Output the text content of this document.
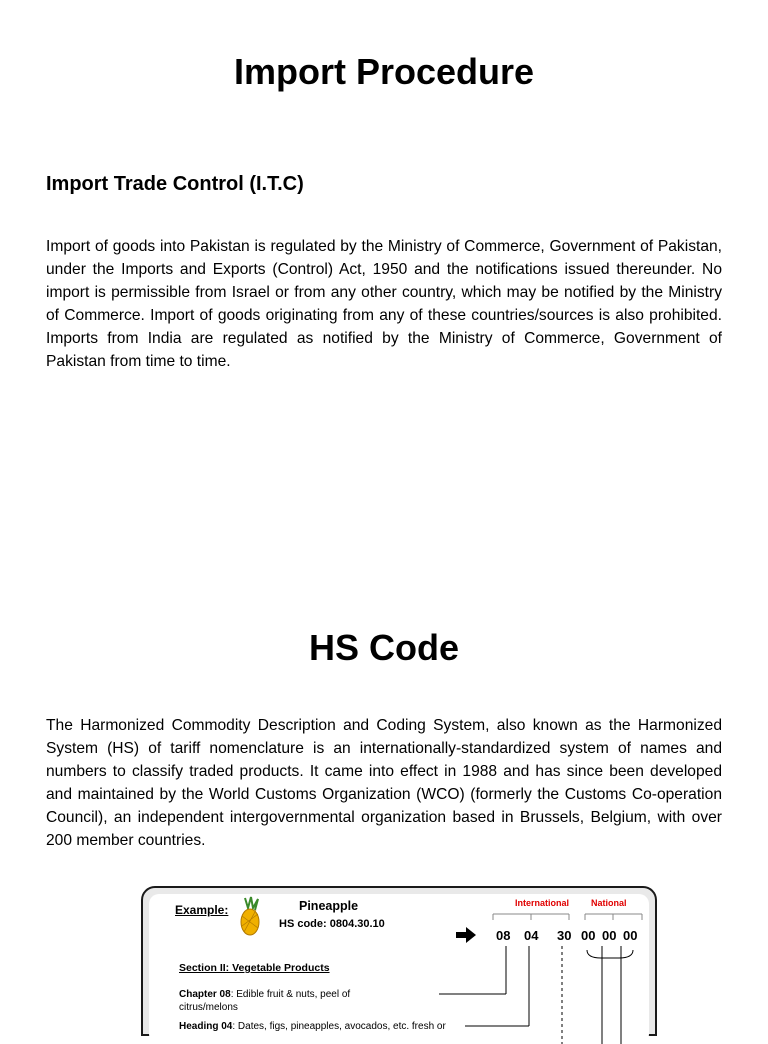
Import Procedure
Import Trade Control (I.T.C)

Import of goods into Pakistan is regulated by the Ministry of Commerce, Government of Pakistan, under the Imports and Exports (Control) Act, 1950 and the notifications issued thereunder. No import is permissible from Israel or from any other country, which may be notified by the Ministry of Commerce. Import of goods originating from any of these countries/sources is also prohibited. Imports from India are regulated as notified by the Ministry of Commerce, Government of Pakistan from time to time.

HS Code

The Harmonized Commodity Description and Coding System, also known as the Harmonized System (HS) of tariff nomenclature is an internationally-standardized system of names and numbers to classify traded products. It came into effect in 1988 and has since been developed and maintained by the World Customs Organization (WCO) (formerly the Customs Co-operation Council), an independent intergovernmental organization based in Brussels, Belgium, with over 200 member countries.

Example:	Pineapple
HS code: 0804.30.10
International National
08 04 30 00 00 00
Section II: Vegetable Products
Chapter 08: Edible fruit & nuts, peel of citrus/melons
Heading 04: Dates, figs, pineapples, avocados, etc. fresh or
